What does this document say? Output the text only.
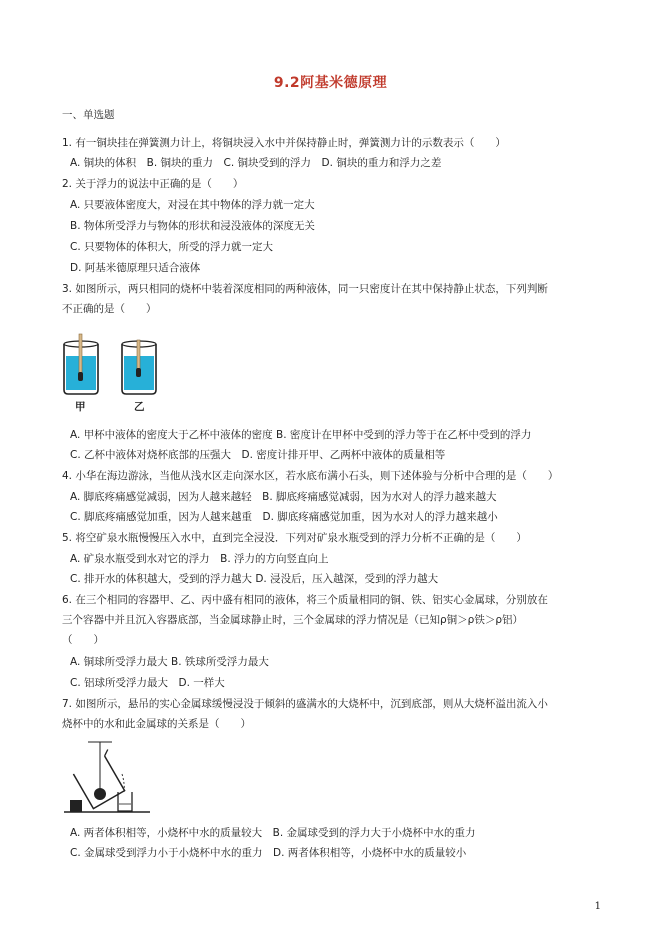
9.2阿基米德原理
一、单选题
1. 有一铜块挂在弹簧测力计上，将铜块浸入水中并保持静止时，弹簧测力计的示数表示（　　）
A. 铜块的体积　B. 铜块的重力　C. 铜块受到的浮力　D. 铜块的重力和浮力之差
2. 关于浮力的说法中正确的是（　　）
A. 只要液体密度大，对浸在其中物体的浮力就一定大
B. 物体所受浮力与物体的形状和浸没液体的深度无关
C. 只要物体的体积大，所受的浮力就一定大
D. 阿基米德原理只适合液体
3. 如图所示，两只相同的烧杯中装着深度相同的两种液体，同一只密度计在其中保持静止状态，下列判断
不正确的是（　　）
甲	乙
A. 甲杯中液体的密度大于乙杯中液体的密度 B. 密度计在甲杯中受到的浮力等于在乙杯中受到的浮力
C. 乙杯中液体对烧杯底部的压强大　D. 密度计排开甲、乙两杯中液体的质量相等
4. 小华在海边游泳，当他从浅水区走向深水区，若水底布满小石头，则下述体验与分析中合理的是（　　）
A. 脚底疼痛感觉减弱，因为人越来越轻　B. 脚底疼痛感觉减弱，因为水对人的浮力越来越大
C. 脚底疼痛感觉加重，因为人越来越重　D. 脚底疼痛感觉加重，因为水对人的浮力越来越小
5. 将空矿泉水瓶慢慢压入水中，直到完全浸没．下列对矿泉水瓶受到的浮力分析不正确的是（　　）
A. 矿泉水瓶受到水对它的浮力　B. 浮力的方向竖直向上
C. 排开水的体积越大，受到的浮力越大 D. 浸没后，压入越深，受到的浮力越大
6. 在三个相同的容器甲、乙、丙中盛有相同的液体，将三个质量相同的铜、铁、铝实心金属球，分别放在
三个容器中并且沉入容器底部，当金属球静止时，三个金属球的浮力情况是（已知ρ铜＞ρ铁＞ρ铝）
（　　）
A. 铜球所受浮力最大 B. 铁球所受浮力最大
C. 铝球所受浮力最大　D. 一样大
7. 如图所示，悬吊的实心金属球缓慢浸没于倾斜的盛满水的大烧杯中，沉到底部，则从大烧杯溢出流入小
烧杯中的水和此金属球的关系是（　　）
A. 两者体积相等，小烧杯中水的质量较大　B. 金属球受到的浮力大于小烧杯中水的重力
C. 金属球受到浮力小于小烧杯中水的重力　D. 两者体积相等，小烧杯中水的质量较小
1
